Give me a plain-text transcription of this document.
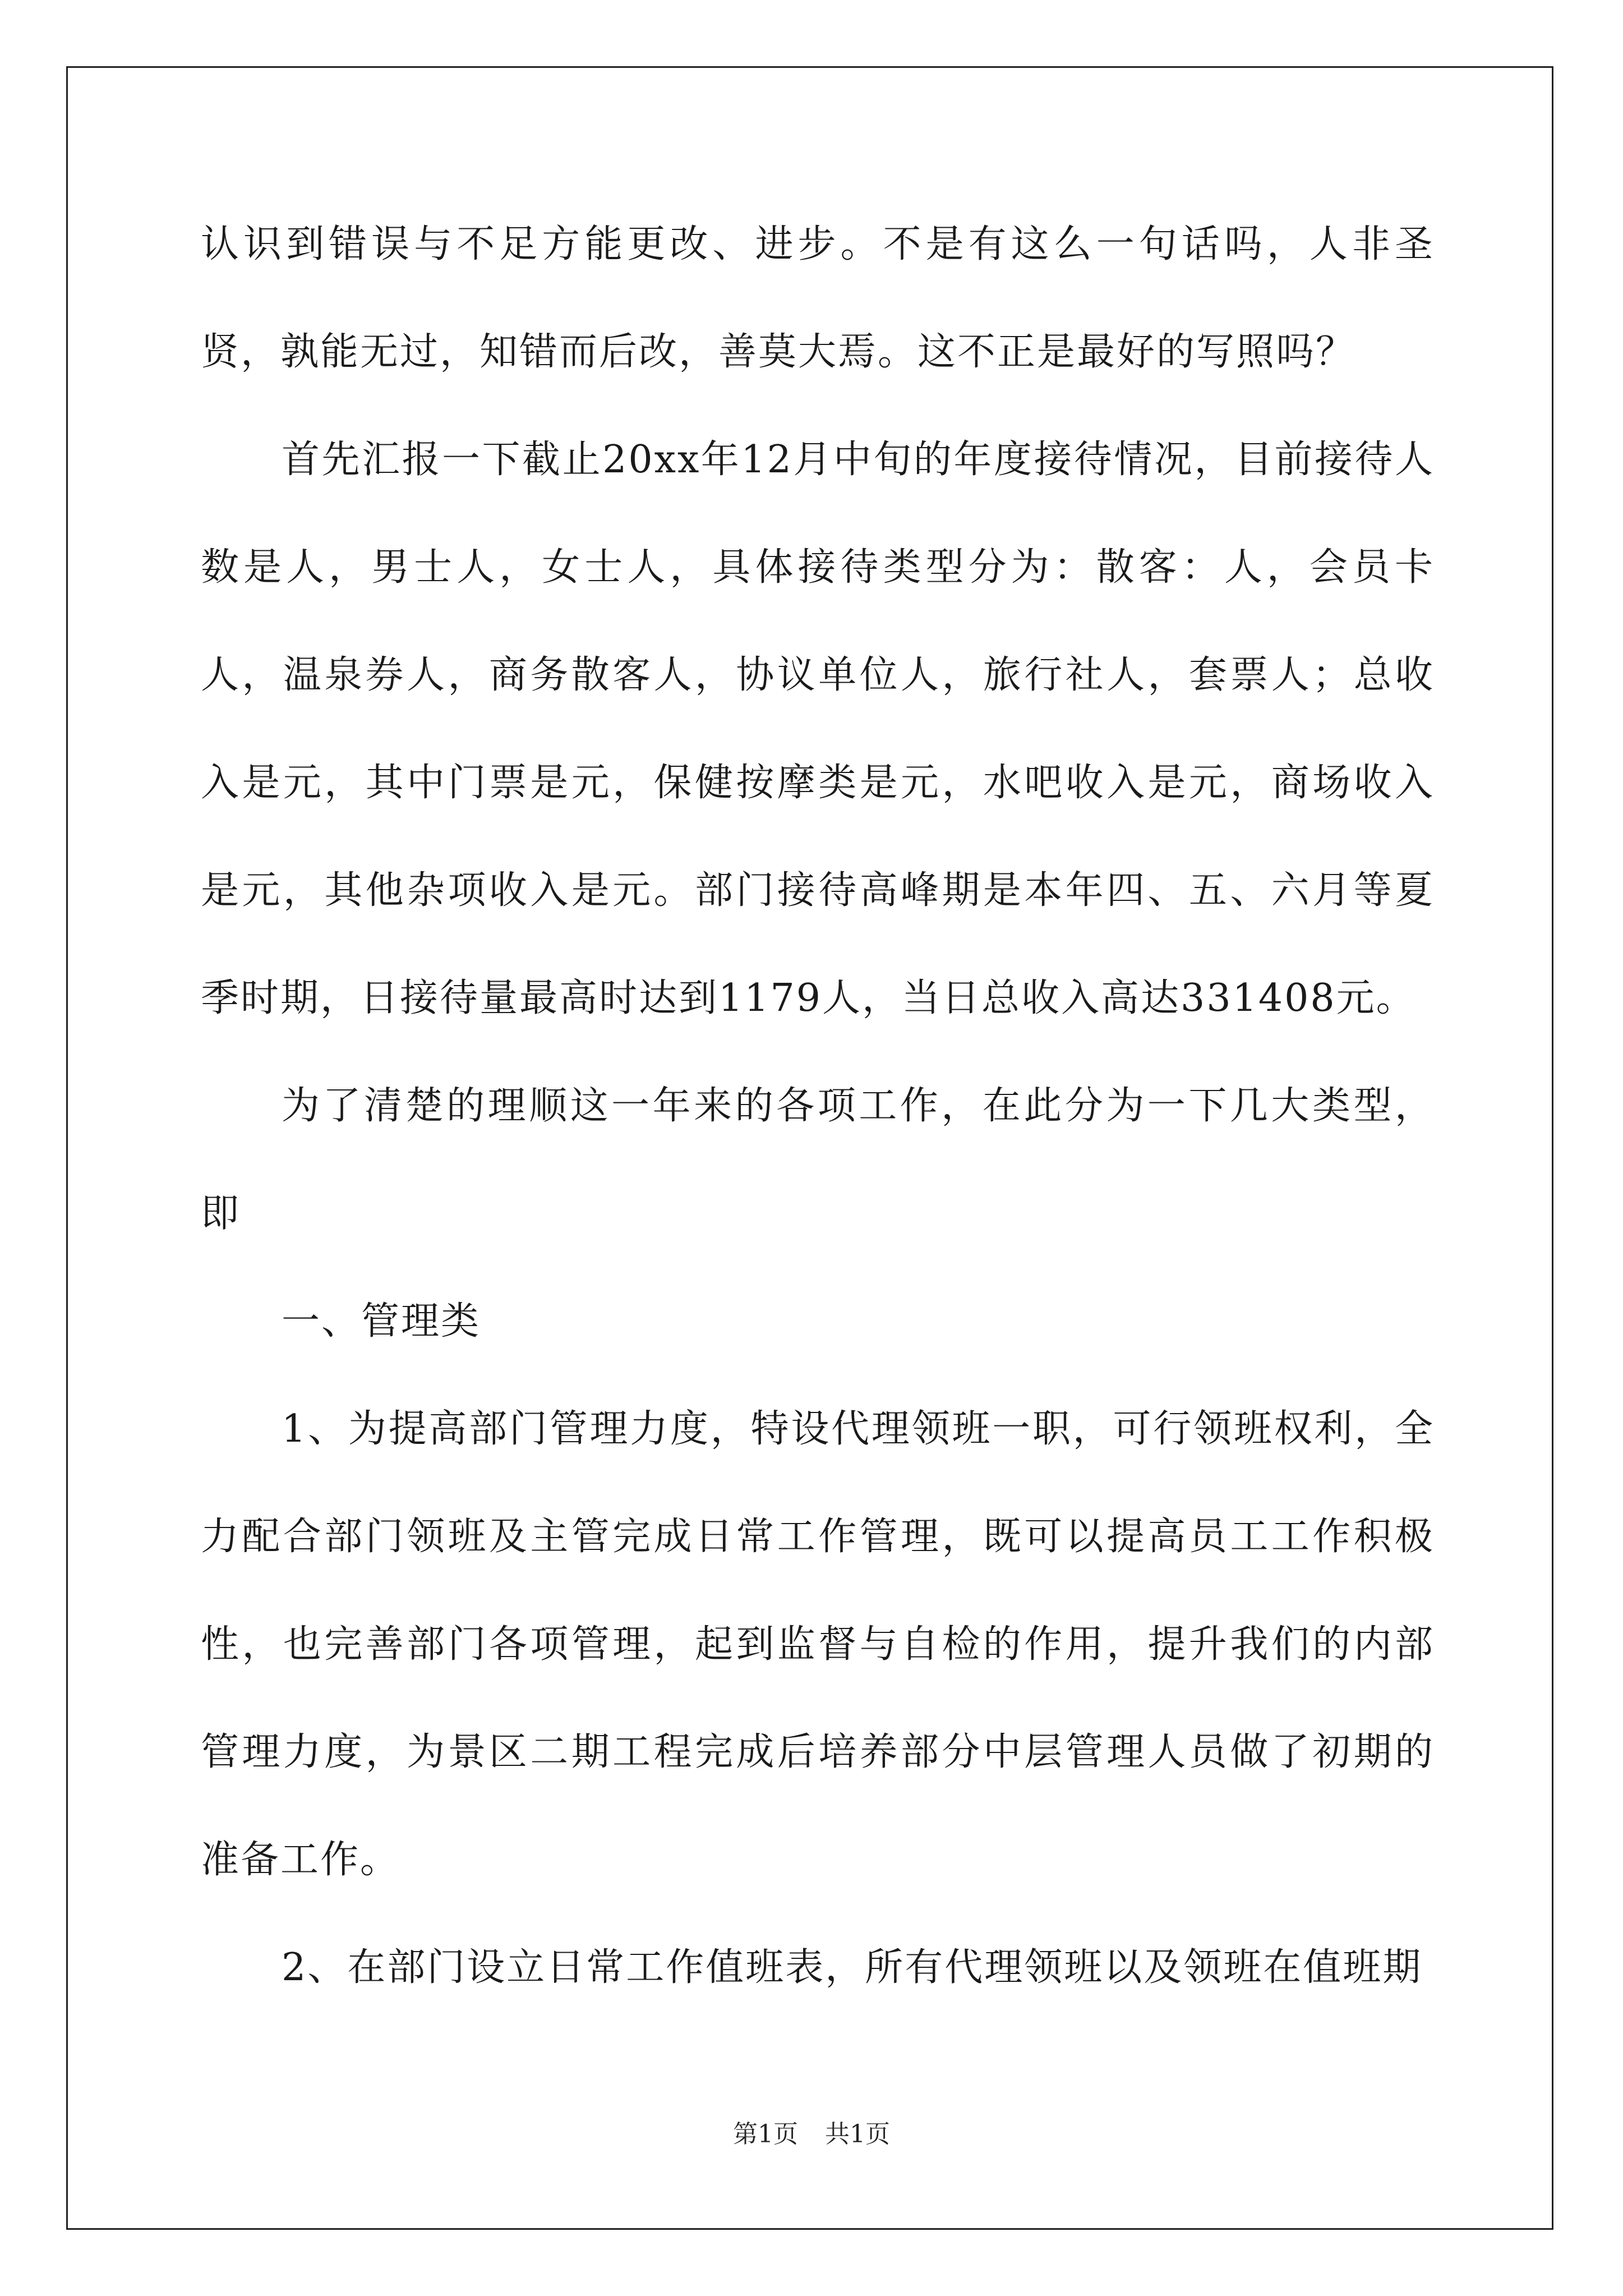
认识到错误与不足方能更改、进步。不是有这么一句话吗，人非圣贤，孰能无过，知错而后改，善莫大焉。这不正是最好的写照吗？

首先汇报一下截止20xx年12月中旬的年度接待情况，目前接待人数是人，男士人，女士人，具体接待类型分为：散客：人，会员卡人，温泉券人，商务散客人，协议单位人，旅行社人，套票人；总收入是元，其中门票是元，保健按摩类是元，水吧收入是元，商场收入是元，其他杂项收入是元。部门接待高峰期是本年四、五、六月等夏季时期，日接待量最高时达到1179人，当日总收入高达331408元。

为了清楚的理顺这一年来的各项工作，在此分为一下几大类型，即

一、管理类

1、为提高部门管理力度，特设代理领班一职，可行领班权利，全力配合部门领班及主管完成日常工作管理，既可以提高员工工作积极性，也完善部门各项管理，起到监督与自检的作用，提升我们的内部管理力度，为景区二期工程完成后培养部分中层管理人员做了初期的准备工作。

2、在部门设立日常工作值班表，所有代理领班以及领班在值班期

第1页 共1页
